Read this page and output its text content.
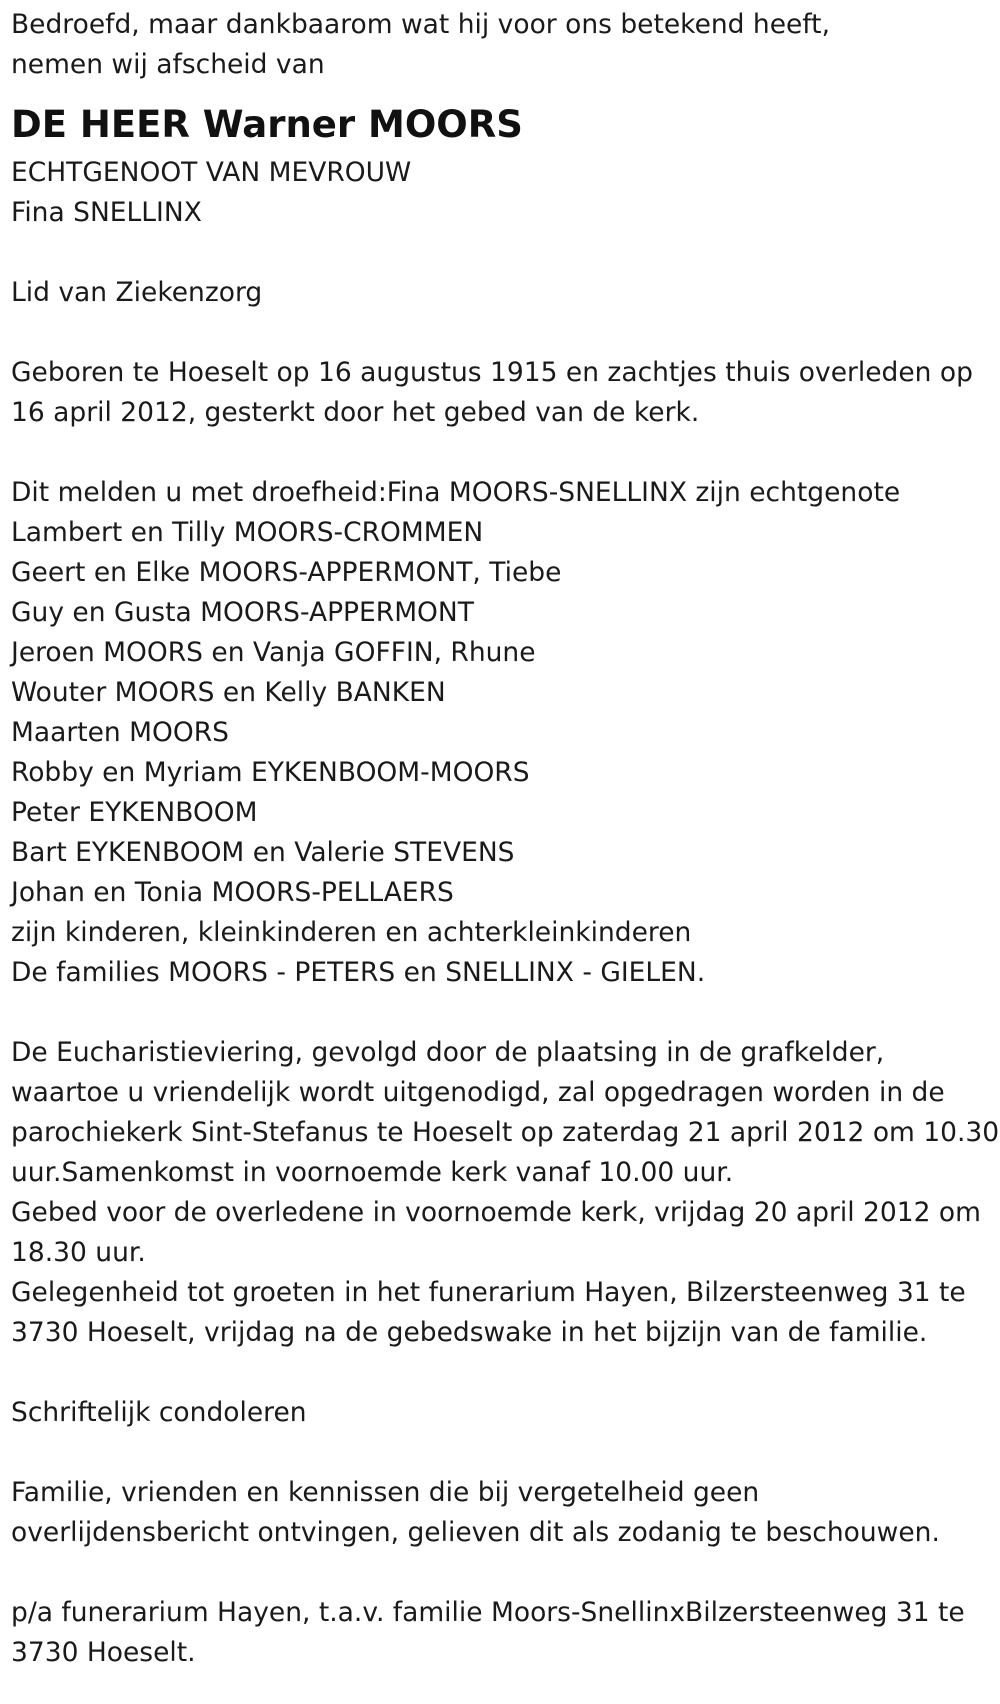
Bedroefd, maar dankbaarom wat hij voor ons betekend heeft,
nemen wij afscheid van
DE HEER Warner MOORS
ECHTGENOOT VAN MEVROUW
Fina SNELLINX
Lid van Ziekenzorg
Geboren te Hoeselt op 16 augustus 1915 en zachtjes thuis overleden op
16 april 2012, gesterkt door het gebed van de kerk.
Dit melden u met droefheid:Fina MOORS-SNELLINX zijn echtgenote
Lambert en Tilly MOORS-CROMMEN
Geert en Elke MOORS-APPERMONT, Tiebe
Guy en Gusta MOORS-APPERMONT
Jeroen MOORS en Vanja GOFFIN, Rhune
Wouter MOORS en Kelly BANKEN
Maarten MOORS
Robby en Myriam EYKENBOOM-MOORS
Peter EYKENBOOM
Bart EYKENBOOM en Valerie STEVENS
Johan en Tonia MOORS-PELLAERS
zijn kinderen, kleinkinderen en achterkleinkinderen
De families MOORS - PETERS en SNELLINX - GIELEN.
De Eucharistieviering, gevolgd door de plaatsing in de grafkelder,
waartoe u vriendelijk wordt uitgenodigd, zal opgedragen worden in de
parochiekerk Sint-Stefanus te Hoeselt op zaterdag 21 april 2012 om 10.30
uur.Samenkomst in voornoemde kerk vanaf 10.00 uur.
Gebed voor de overledene in voornoemde kerk, vrijdag 20 april 2012 om
18.30 uur.
Gelegenheid tot groeten in het funerarium Hayen, Bilzersteenweg 31 te
3730 Hoeselt, vrijdag na de gebedswake in het bijzijn van de familie.
Schriftelijk condoleren
Familie, vrienden en kennissen die bij vergetelheid geen
overlijdensbericht ontvingen, gelieven dit als zodanig te beschouwen.
p/a funerarium Hayen, t.a.v. familie Moors-SnellinxBilzersteenweg 31 te
3730 Hoeselt.
